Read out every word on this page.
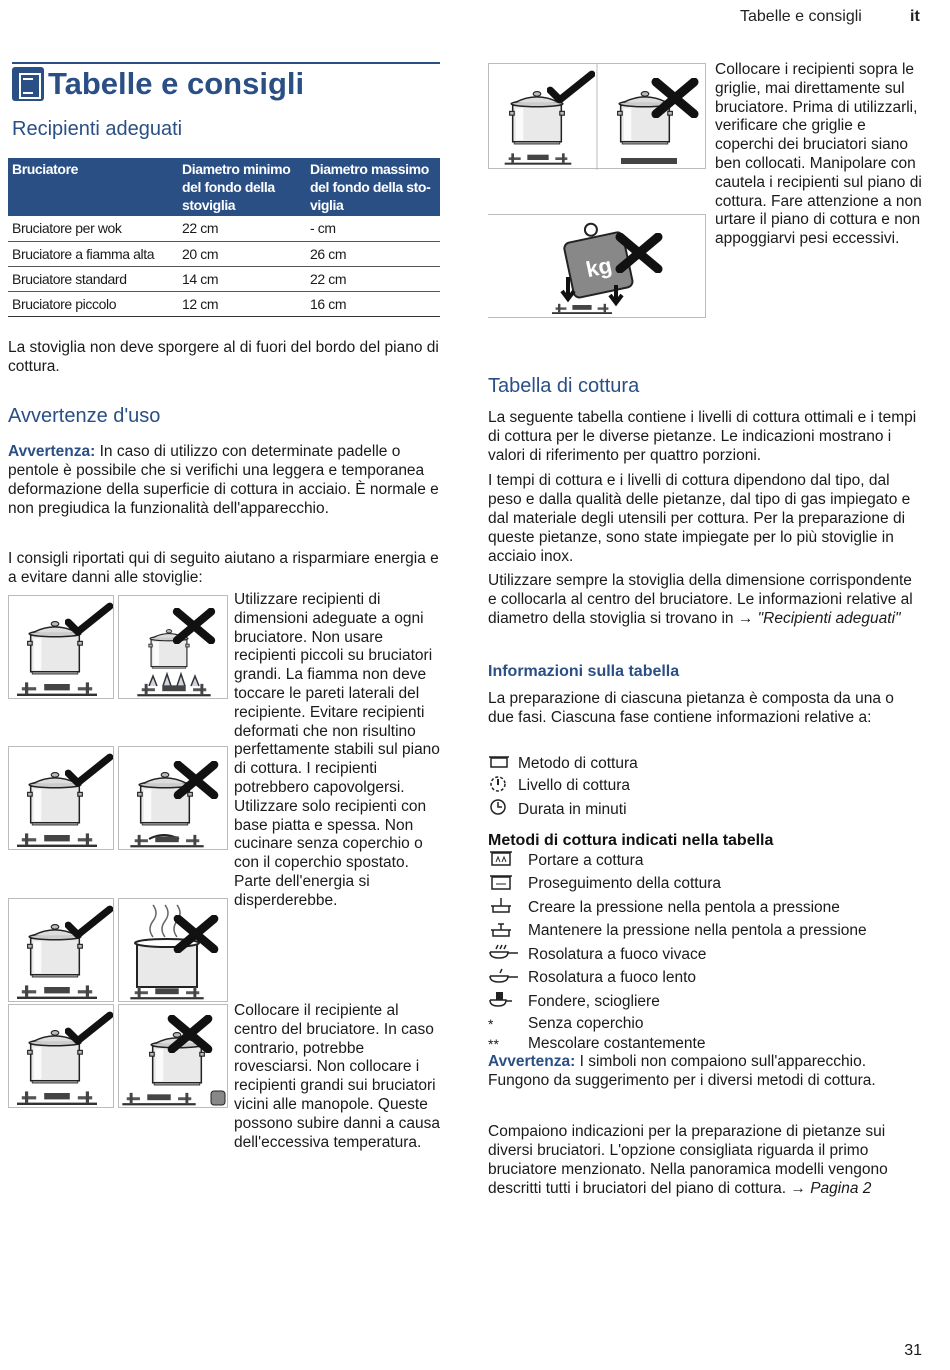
Tabelle e consigli	it
Tabelle e consigli
Recipienti adeguati
Bruciatore	Diametro minimo del fondo della stoviglia	Diametro massimo del fondo della sto-viglia
Bruciatore per wok	22 cm	- cm
Bruciatore a fiamma alta	20 cm	26 cm
Bruciatore standard	14 cm	22 cm
Bruciatore piccolo	12 cm	16 cm
La stoviglia non deve sporgere al di fuori del bordo del piano di cottura.
Avvertenze d'uso
Avvertenza: In caso di utilizzo con determinate padelle o pentole è possibile che si verifichi una leggera e temporanea deformazione della superficie di cottura in acciaio. È normale e non pregiudica la funzionalità dell'apparecchio.
I consigli riportati qui di seguito aiutano a risparmiare energia e a evitare danni alle stoviglie:
Utilizzare recipienti di dimensioni adeguate a ogni bruciatore. Non usare recipienti piccoli su bruciatori grandi. La fiamma non deve toccare le pareti laterali del recipiente. Evitare recipienti deformati che non risultino perfettamente stabili sul piano di cottura. I recipienti potrebbero capovolgersi. Utilizzare solo recipienti con base piatta e spessa. Non cucinare senza coperchio o con il coperchio spostato. Parte dell'energia si disperderebbe.
Collocare il recipiente al centro del bruciatore. In caso contrario, potrebbe rovesciarsi. Non collocare i recipienti grandi sui bruciatori vicini alle manopole. Queste possono subire danni a causa dell'eccessiva temperatura.
kg
Collocare i recipienti sopra le griglie, mai direttamente sul bruciatore. Prima di utilizzarli, verificare che griglie e coperchi dei bruciatori siano ben collocati. Manipolare con cautela i recipienti sul piano di cottura. Fare attenzione a non urtare il piano di cottura e non appoggiarvi pesi eccessivi.
Tabella di cottura
La seguente tabella contiene i livelli di cottura ottimali e i tempi di cottura per le diverse pietanze. Le indicazioni mostrano i valori di riferimento per quattro porzioni.
I tempi di cottura e i livelli di cottura dipendono dal tipo, dal peso e dalla qualità delle pietanze, dal tipo di gas impiegato e dal materiale degli utensili per cottura. Per la preparazione di queste pietanze, sono state impiegate per lo più stoviglie in acciaio inox.
Utilizzare sempre la stoviglia della dimensione corrispondente e collocarla al centro del bruciatore. Le informazioni relative al diametro della stoviglia si trovano in → "Recipienti adeguati"
Informazioni sulla tabella
La preparazione di ciascuna pietanza è composta da una o due fasi. Ciascuna fase contiene informazioni relative a:
Metodo di cottura
Livello di cottura
Durata in minuti
Metodi di cottura indicati nella tabella
Portare a cottura
Proseguimento della cottura
Creare la pressione nella pentola a pressione
Mantenere la pressione nella pentola a pressione
Rosolatura a fuoco vivace
Rosolatura a fuoco lento
Fondere, sciogliere
*	Senza coperchio
**	Mescolare costantemente
Avvertenza: I simboli non compaiono sull'apparecchio. Fungono da suggerimento per i diversi metodi di cottura.
Compaiono indicazioni per la preparazione di pietanze sui diversi bruciatori. L'opzione consigliata riguarda il primo bruciatore menzionato. Nella panoramica modelli vengono descritti tutti i bruciatori del piano di cottura. → Pagina 2
31
